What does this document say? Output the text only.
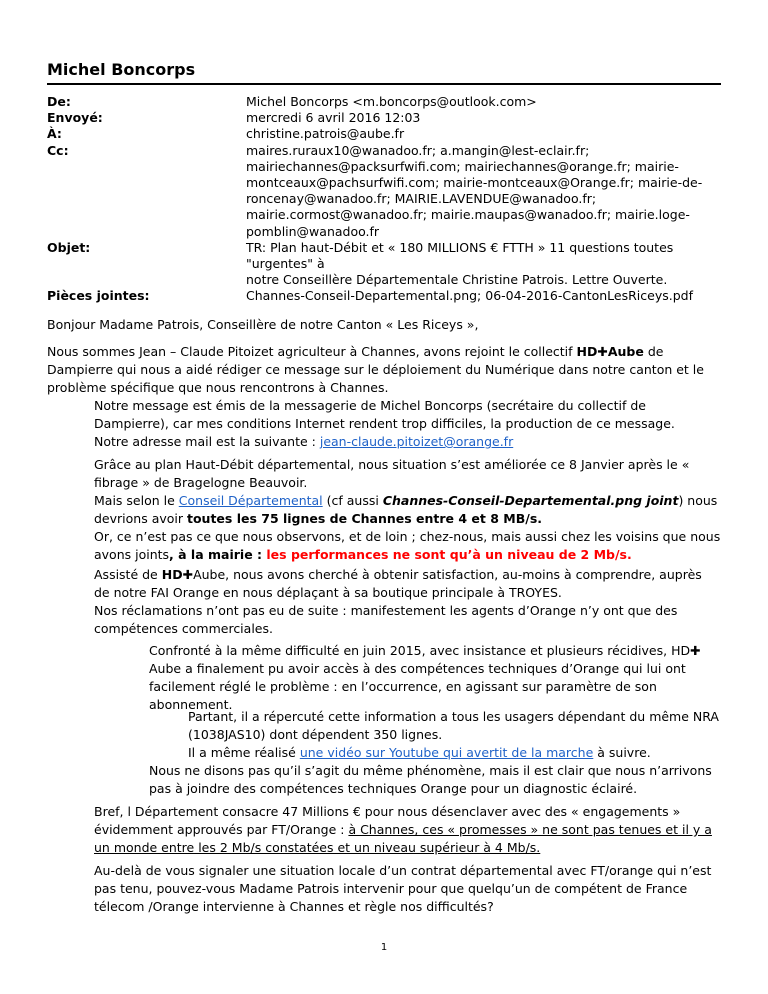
Michel Boncorps
De:	Michel Boncorps <m.boncorps@outlook.com>
Envoyé:	mercredi 6 avril 2016 12:03
À:	christine.patrois@aube.fr
Cc:	maires.ruraux10@wanadoo.fr; a.mangin@lest-eclair.fr;
mairiechannes@packsurfwifi.com; mairiechannes@orange.fr; mairie-
montceaux@pachsurfwifi.com; mairie-montceaux@Orange.fr; mairie-de-
roncenay@wanadoo.fr; MAIRIE.LAVENDUE@wanadoo.fr;
mairie.cormost@wanadoo.fr; mairie.maupas@wanadoo.fr; mairie.loge-
pomblin@wanadoo.fr
Objet:	TR: Plan haut-Débit et « 180 MILLIONS € FTTH » 11 questions toutes "urgentes" à
notre Conseillère Départementale Christine Patrois. Lettre Ouverte.
Pièces jointes:	Channes-Conseil-Departemental.png; 06-04-2016-CantonLesRiceys.pdf
Bonjour Madame Patrois, Conseillère de notre Canton « Les Riceys »,
Nous sommes Jean – Claude Pitoizet agriculteur à Channes, avons rejoint le collectif HD✚Aube de Dampierre qui nous a aidé rédiger ce message sur le déploiement du Numérique dans notre canton et le problème spécifique que nous rencontrons à Channes.
Notre message est émis de la messagerie de Michel Boncorps (secrétaire du collectif de Dampierre), car mes conditions Internet rendent trop difficiles, la production de ce message.
Notre adresse mail est la suivante : jean-claude.pitoizet@orange.fr
Grâce au plan Haut-Débit départemental, nous situation s’est améliorée ce 8 Janvier après le « fibrage » de Bragelogne Beauvoir.
Mais selon le Conseil Départemental (cf aussi Channes-Conseil-Departemental.png joint) nous devrions avoir toutes les 75 lignes de Channes entre 4 et 8 MB/s.
Or, ce n’est pas ce que nous observons, et de loin ; chez-nous, mais aussi chez les voisins que nous avons joints, à la mairie : les performances ne sont qu’à un niveau de 2 Mb/s.
Assisté de HD✚Aube, nous avons cherché à obtenir satisfaction, au-moins à comprendre, auprès de notre FAI Orange en nous déplaçant à sa boutique principale à TROYES.
Nos réclamations n’ont pas eu de suite : manifestement les agents d’Orange n’y ont que des compétences commerciales.
Confronté à la même difficulté en juin 2015, avec insistance et plusieurs récidives, HD✚Aube a finalement pu avoir accès à des compétences techniques d’Orange qui lui ont facilement réglé le problème : en l’occurrence, en agissant sur paramètre de son abonnement.
Partant, il a répercuté cette information a tous les usagers dépendant du même NRA (1038JAS10) dont dépendent 350 lignes.
Il a même réalisé une vidéo sur Youtube qui avertit de la marche à suivre.
Nous ne disons pas qu’il s’agit du même phénomène, mais il est clair que nous n’arrivons pas à joindre des compétences techniques Orange pour un diagnostic éclairé.
Bref, l Département consacre 47 Millions € pour nous désenclaver avec des « engagements » évidemment approuvés par FT/Orange : à Channes, ces « promesses » ne sont pas tenues et il y a un monde entre les 2 Mb/s constatées et un niveau supérieur à 4 Mb/s.
Au-delà de vous signaler une situation locale d’un contrat départemental avec FT/orange qui n’est pas tenu, pouvez-vous Madame Patrois intervenir pour que quelqu’un de compétent de France télecom /Orange intervienne à Channes et règle nos difficultés?
1
